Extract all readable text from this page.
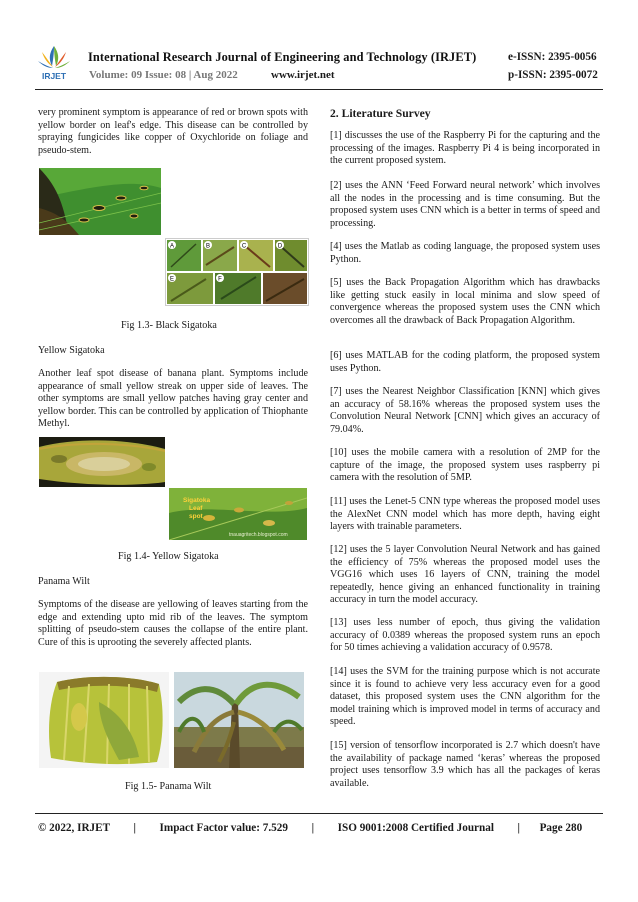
IRJET
International Research Journal of Engineering and Technology (IRJET)	e-ISSN: 2395-0056
Volume: 09 Issue: 08 | Aug 2022	www.irjet.net	p-ISSN: 2395-0072

very prominent symptom is appearance of red or brown spots with yellow border on leaf's edge. This disease can be controlled by spraying fungicides like copper of Oxychloride on foliage and pseudo-stem.

A	B	C	D
E	F
Fig 1.3- Black Sigatoka
Yellow Sigatoka

Another leaf spot disease of banana plant. Symptoms include appearance of small yellow streak on upper side of leaves. The other symptoms are small yellow patches having gray center and yellow border. This can be controlled by application of Thiophante Methyl.

Sigatoka
Leaf
spot
tnauagritech.blogspot.com
Fig 1.4- Yellow Sigatoka
Panama Wilt

Symptoms of the disease are yellowing of leaves starting from the edge and extending upto mid rib of the leaves. The symptom splitting of pseudo-stem causes the collapse of the entire plant. Cure of this is uprooting the severely affected plants.

Fig 1.5- Panama Wilt
2. Literature Survey

[1] discusses the use of the Raspberry Pi for the capturing and the processing of the images. Raspberry Pi 4 is being incorporated in the current proposed system.

[2] uses the ANN ‘Feed Forward neural network’ which involves all the nodes in the processing and is time consuming. But the proposed system uses CNN which is a better in terms of speed and processing.

[4] uses the Matlab as coding language, the proposed system uses Python.

[5] uses the Back Propagation Algorithm which has drawbacks like getting stuck easily in local minima and slow speed of convergence whereas the proposed system uses the CNN which overcomes all the drawback of Back Propagation Algorithm.

[6] uses MATLAB for the coding platform, the proposed system uses Python.

[7] uses the Nearest Neighbor Classification [KNN] which gives an accuracy of 58.16% whereas the proposed system uses the Convolution Neural Network [CNN] which gives an accuracy of 79.04%.

[10] uses the mobile camera with a resolution of 2MP for the capture of the image, the proposed system uses raspberry pi camera with the resolution of 5MP.

[11] uses the Lenet-5 CNN type whereas the proposed model uses the AlexNet CNN model which has more depth, having eight layers with trainable parameters.

[12] uses the 5 layer Convolution Neural Network and has gained the efficiency of 75% whereas the proposed model uses the VGG16 which uses 16 layers of CNN, training the model repeatedly, hence giving an enhanced functionality in training accuracy in turn the model accuracy.

[13] uses less number of epoch, thus giving the validation accuracy of 0.0389 whereas the proposed system runs an epoch for 50 times achieving a validation accuracy of 0.9578.

[14] uses the SVM for the training purpose which is not accurate since it is found to achieve very less accuracy even for a good dataset, this proposed system uses the CNN algorithm for the model training which is improved model in terms of accuracy and speed.

[15] version of tensorflow incorporated is 2.7 which doesn't have the availability of package named ‘keras’ whereas the proposed project uses tensorflow 3.9 which has all the packages of keras available.

© 2022, IRJET | Impact Factor value: 7.529 | ISO 9001:2008 Certified Journal | Page 280
